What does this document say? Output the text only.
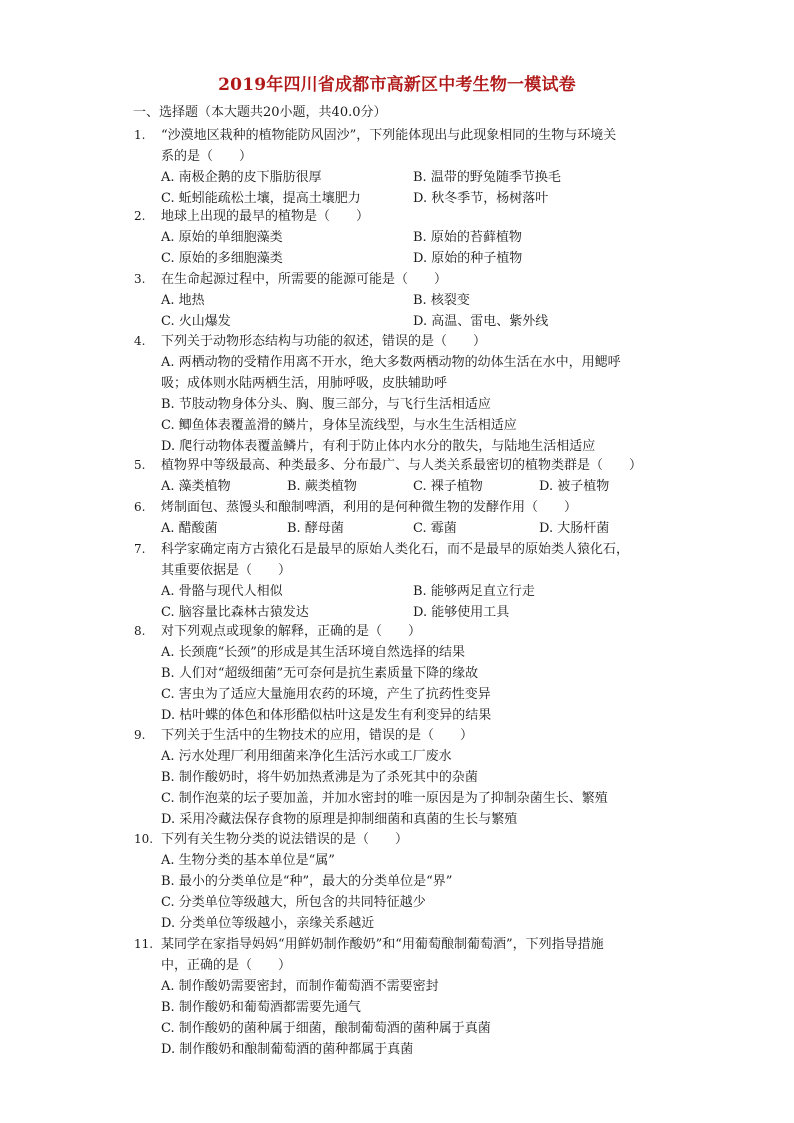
2019年四川省成都市高新区中考生物一模试卷
一、选择题（本大题共20小题，共40.0分）
1.	“沙漠地区栽种的植物能防风固沙”，下列能体现出与此现象相同的生物与环境关
系的是（　　）
A. 南极企鹅的皮下脂肪很厚	B. 温带的野兔随季节换毛
C. 蚯蚓能疏松土壤，提高土壤肥力	D. 秋冬季节，杨树落叶
2.	地球上出现的最早的植物是（　　）
A. 原始的单细胞藻类	B. 原始的苔藓植物
C. 原始的多细胞藻类	D. 原始的种子植物
3.	在生命起源过程中，所需要的能源可能是（　　）
A. 地热	B. 核裂变
C. 火山爆发	D. 高温、雷电、紫外线
4.	下列关于动物形态结构与功能的叙述，错误的是（　　）
A. 两栖动物的受精作用离不开水，绝大多数两栖动物的幼体生活在水中，用鳃呼
吸；成体则水陆两栖生活，用肺呼吸，皮肤辅助呼
B. 节肢动物身体分头、胸、腹三部分，与飞行生活相适应
C. 鲫鱼体表覆盖滑的鳞片，身体呈流线型，与水生生活相适应
D. 爬行动物体表覆盖鳞片，有利于防止体内水分的散失，与陆地生活相适应
5.	植物界中等级最高、种类最多、分布最广、与人类关系最密切的植物类群是（　　）
A. 藻类植物	B. 蕨类植物	C. 裸子植物	D. 被子植物
6.	烤制面包、蒸馒头和酿制啤酒，利用的是何种微生物的发酵作用（　　）
A. 醋酸菌	B. 酵母菌	C. 霉菌	D. 大肠杆菌
7.	科学家确定南方古猿化石是最早的原始人类化石，而不是最早的原始类人猿化石，
其重要依据是（　　）
A. 骨骼与现代人相似	B. 能够两足直立行走
C. 脑容量比森林古猿发达	D. 能够使用工具
8.	对下列观点或现象的解释，正确的是（　　）
A. 长颈鹿“长颈”的形成是其生活环境自然选择的结果
B. 人们对“超级细菌”无可奈何是抗生素质量下降的缘故
C. 害虫为了适应大量施用农药的环境，产生了抗药性变异
D. 枯叶蝶的体色和体形酷似枯叶这是发生有利变异的结果
9.	下列关于生活中的生物技术的应用，错误的是（　　）
A. 污水处理厂利用细菌来净化生活污水或工厂废水
B. 制作酸奶时，将牛奶加热煮沸是为了杀死其中的杂菌
C. 制作泡菜的坛子要加盖，并加水密封的唯一原因是为了抑制杂菌生长、繁殖
D. 采用冷藏法保存食物的原理是抑制细菌和真菌的生长与繁殖
10. 下列有关生物分类的说法错误的是（　　）
A. 生物分类的基本单位是“属”
B. 最小的分类单位是“种”，最大的分类单位是“界”
C. 分类单位等级越大，所包含的共同特征越少
D. 分类单位等级越小，亲缘关系越近
11. 某同学在家指导妈妈“用鲜奶制作酸奶”和“用葡萄酿制葡萄酒”，下列指导措施
中，正确的是（　　）
A. 制作酸奶需要密封，而制作葡萄酒不需要密封
B. 制作酸奶和葡萄酒都需要先通气
C. 制作酸奶的菌种属于细菌，酿制葡萄酒的菌种属于真菌
D. 制作酸奶和酿制葡萄酒的菌种都属于真菌
